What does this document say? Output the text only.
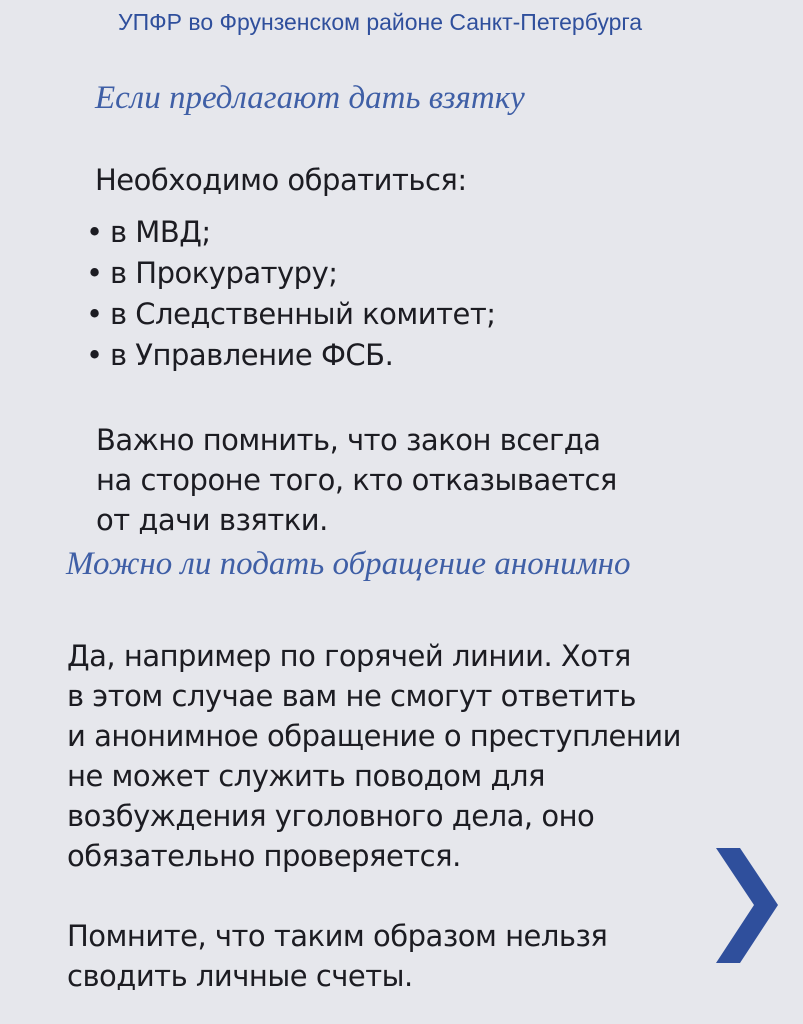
УПФР во Фрунзенском районе Санкт-Петербурга
Если предлагают дать взятку
Необходимо обратиться:
• в МВД;
• в Прокуратуру;
• в Следственный комитет;
• в Управление ФСБ.
Важно помнить, что закон всегда
на стороне того, кто отказывается
от дачи взятки.
Можно ли подать обращение анонимно
Да, например по горячей линии. Хотя
в этом случае вам не смогут ответить
и анонимное обращение о преступлении
не может служить поводом для
возбуждения уголовного дела, оно
обязательно проверяется.
Помните, что таким образом нельзя
сводить личные счеты.
